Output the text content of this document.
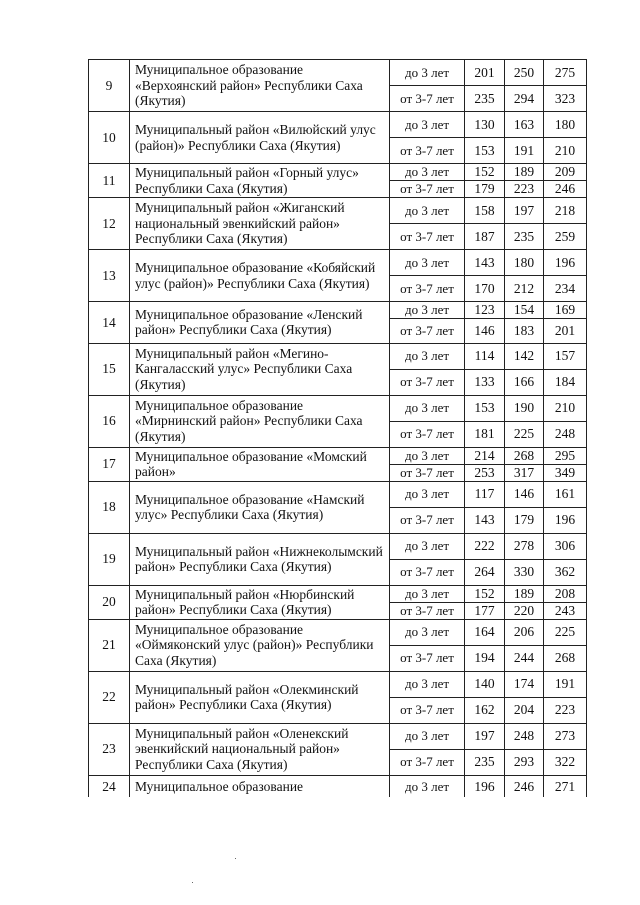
9	Муниципальное образование «Верхоянский район» Республики Саха (Якутия)	до 3 лет	201	250	275
		от 3-7 лет	235	294	323
10	Муниципальный район «Вилюйский улус (район)» Республики Саха (Якутия)	до 3 лет	130	163	180
		от 3-7 лет	153	191	210
11	Муниципальный район «Горный улус» Республики Саха (Якутия)	до 3 лет	152	189	209
		от 3-7 лет	179	223	246
12	Муниципальный район «Жиганский национальный эвенкийский район» Республики Саха (Якутия)	до 3 лет	158	197	218
		от 3-7 лет	187	235	259
13	Муниципальное образование «Кобяйский улус (район)» Республики Саха (Якутия)	до 3 лет	143	180	196
		от 3-7 лет	170	212	234
14	Муниципальное образование «Ленский район» Республики Саха (Якутия)	до 3 лет	123	154	169
		от 3-7 лет	146	183	201
15	Муниципальный район «Мегино-Кангаласский улус» Республики Саха (Якутия)	до 3 лет	114	142	157
		от 3-7 лет	133	166	184
16	Муниципальное образование «Мирнинский район» Республики Саха (Якутия)	до 3 лет	153	190	210
		от 3-7 лет	181	225	248
17	Муниципальное образование «Момский район»	до 3 лет	214	268	295
		от 3-7 лет	253	317	349
18	Муниципальное образование «Намский улус» Республики Саха (Якутия)	до 3 лет	117	146	161
		от 3-7 лет	143	179	196
19	Муниципальный район «Нижнеколымский район» Республики Саха (Якутия)	до 3 лет	222	278	306
		от 3-7 лет	264	330	362
20	Муниципальный район «Нюрбинский район» Республики Саха (Якутия)	до 3 лет	152	189	208
		от 3-7 лет	177	220	243
21	Муниципальное образование «Оймяконский улус (район)» Республики Саха (Якутия)	до 3 лет	164	206	225
		от 3-7 лет	194	244	268
22	Муниципальный район «Олекминский район» Республики Саха (Якутия)	до 3 лет	140	174	191
		от 3-7 лет	162	204	223
23	Муниципальный район «Оленекский эвенкийский национальный район» Республики Саха (Якутия)	до 3 лет	197	248	273
		от 3-7 лет	235	293	322
24	Муниципальное образование	до 3 лет	196	246	271
